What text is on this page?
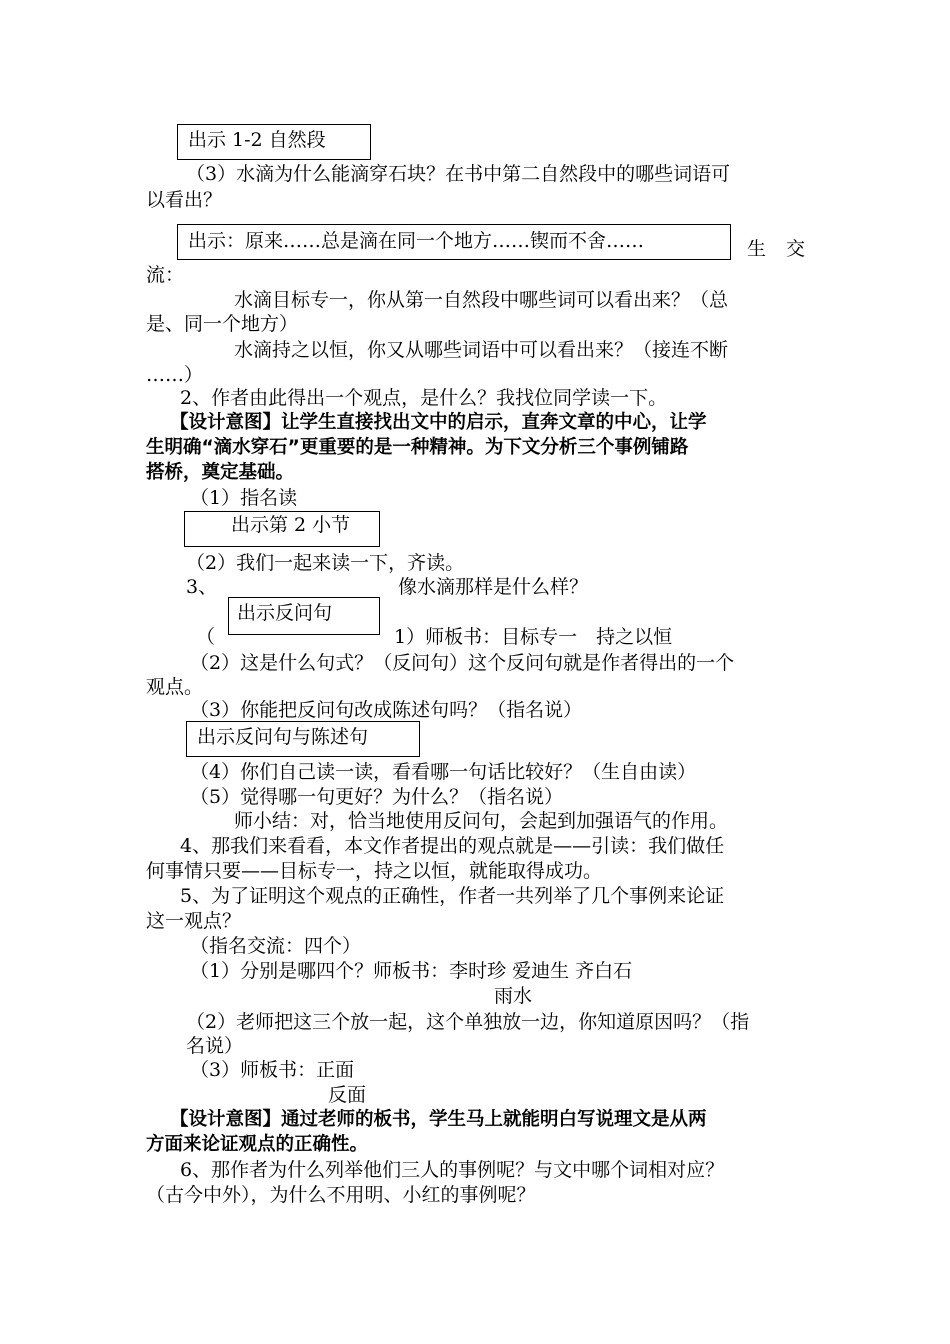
出示 1-2 自然段
出示：原来……总是滴在同一个地方……锲而不舍……
出示第 2 小节
出示反问句
出示反问句与陈述句
（3）水滴为什么能滴穿石块？在书中第二自然段中的哪些词语可
以看出？
生 交
流：
水滴目标专一，你从第一自然段中哪些词可以看出来？（总
是、同一个地方）
水滴持之以恒，你又从哪些词语中可以看出来？（接连不断
……）
2、作者由此得出一个观点，是什么？我找位同学读一下。
【设计意图】让学生直接找出文中的启示，直奔文章的中心，让学
生明确“滴水穿石”更重要的是一种精神。为下文分析三个事例铺路
搭桥，奠定基础。
（1）指名读
（2）我们一起来读一下，齐读。
3、	像水滴那样是什么样？
（	1）师板书：目标专一　持之以恒
（2）这是什么句式？（反问句）这个反问句就是作者得出的一个
观点。
（3）你能把反问句改成陈述句吗？（指名说）
（4）你们自己读一读，看看哪一句话比较好？（生自由读）
（5）觉得哪一句更好？为什么？（指名说）
师小结：对，恰当地使用反问句，会起到加强语气的作用。
4、那我们来看看，本文作者提出的观点就是——引读：我们做任
何事情只要——目标专一，持之以恒，就能取得成功。
5、为了证明这个观点的正确性，作者一共列举了几个事例来论证
这一观点？
（指名交流：四个）
（1）分别是哪四个？师板书：李时珍 爱迪生 齐白石
雨水
（2）老师把这三个放一起，这个单独放一边，你知道原因吗？（指
名说）
（3）师板书：正面
反面
【设计意图】通过老师的板书，学生马上就能明白写说理文是从两
方面来论证观点的正确性。
6、那作者为什么列举他们三人的事例呢？与文中哪个词相对应？
（古今中外），为什么不用明、小红的事例呢？
